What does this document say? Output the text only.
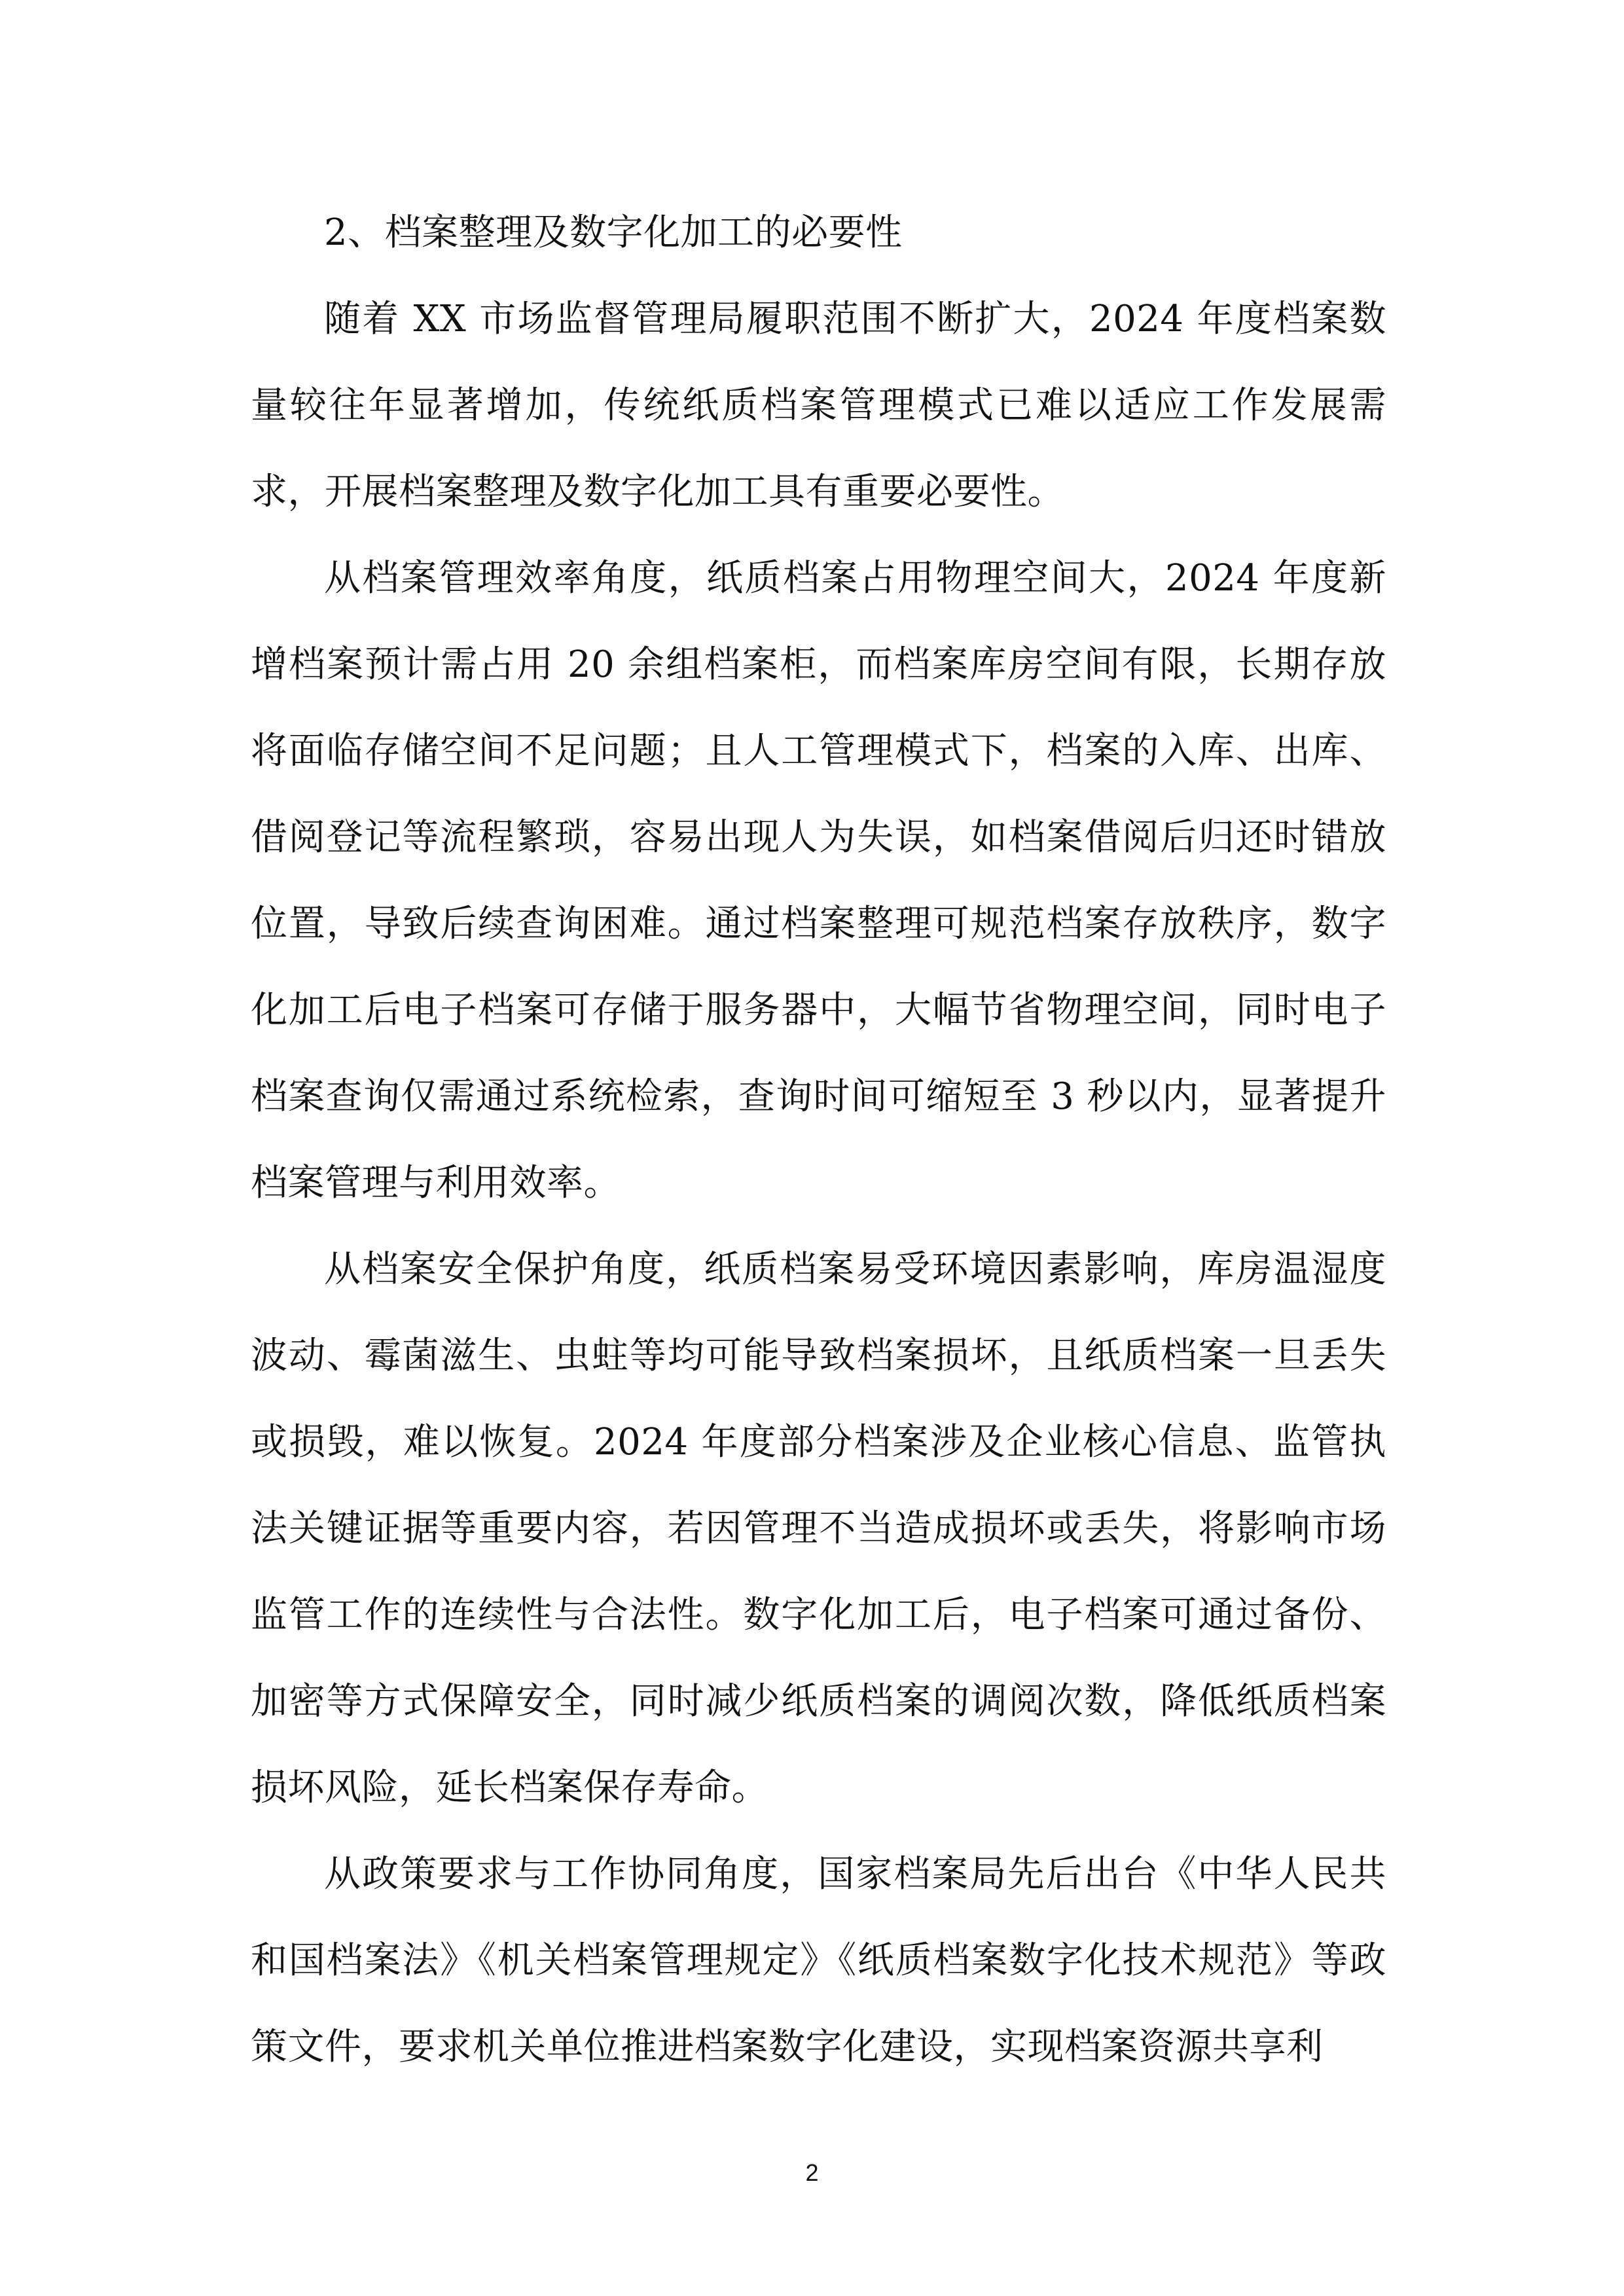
2、档案整理及数字化加工的必要性

随着 XX 市场监督管理局履职范围不断扩大，2024 年度档案数量较往年显著增加，传统纸质档案管理模式已难以适应工作发展需求，开展档案整理及数字化加工具有重要必要性。

从档案管理效率角度，纸质档案占用物理空间大，2024 年度新增档案预计需占用 20 余组档案柜，而档案库房空间有限，长期存放将面临存储空间不足问题；且人工管理模式下，档案的入库、出库、借阅登记等流程繁琐，容易出现人为失误，如档案借阅后归还时错放位置，导致后续查询困难。通过档案整理可规范档案存放秩序，数字化加工后电子档案可存储于服务器中，大幅节省物理空间，同时电子档案查询仅需通过系统检索，查询时间可缩短至 3 秒以内，显著提升档案管理与利用效率。

从档案安全保护角度，纸质档案易受环境因素影响，库房温湿度波动、霉菌滋生、虫蛀等均可能导致档案损坏，且纸质档案一旦丢失或损毁，难以恢复。2024 年度部分档案涉及企业核心信息、监管执法关键证据等重要内容，若因管理不当造成损坏或丢失，将影响市场监管工作的连续性与合法性。数字化加工后，电子档案可通过备份、加密等方式保障安全，同时减少纸质档案的调阅次数，降低纸质档案损坏风险，延长档案保存寿命。

从政策要求与工作协同角度，国家档案局先后出台《中华人民共和国档案法》《机关档案管理规定》《纸质档案数字化技术规范》等政策文件，要求机关单位推进档案数字化建设，实现档案资源共享利

2
